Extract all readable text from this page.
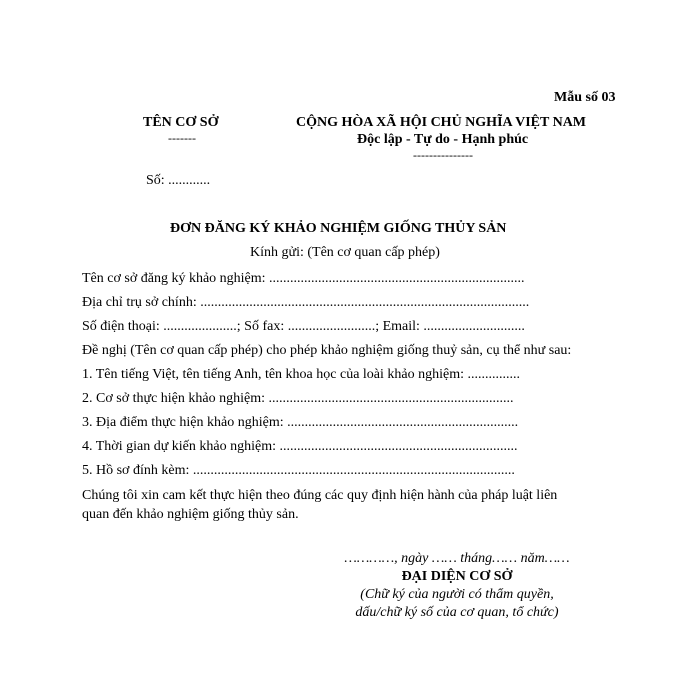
Mẫu số 03
TÊN CƠ SỞ
-------
CỘNG HÒA XÃ HỘI CHỦ NGHĨA VIỆT NAM
Độc lập - Tự do - Hạnh phúc
---------------
Số: ............
ĐƠN ĐĂNG KÝ KHẢO NGHIỆM GIỐNG THỦY SẢN
Kính gửi: (Tên cơ quan cấp phép)
Tên cơ sở đăng ký khảo nghiệm: .........................................................................
Địa chỉ trụ sở chính: ..............................................................................................
Số điện thoại: .....................; Số fax: .........................; Email: .............................
Đề nghị (Tên cơ quan cấp phép) cho phép khảo nghiệm giống thuỷ sản, cụ thể như sau:
1. Tên tiếng Việt, tên tiếng Anh, tên khoa học của loài khảo nghiệm: ...............
2. Cơ sở thực hiện khảo nghiệm: ......................................................................
3. Địa điểm thực hiện khảo nghiệm: ..................................................................
4. Thời gian dự kiến khảo nghiệm: ....................................................................
5. Hồ sơ đính kèm: ............................................................................................
Chúng tôi xin cam kết thực hiện theo đúng các quy định hiện hành của pháp luật liên quan đến khảo nghiệm giống thủy sản.
…………, ngày …… tháng…… năm……
ĐẠI DIỆN CƠ SỞ
(Chữ ký của người có thẩm quyền,
dấu/chữ ký số của cơ quan, tổ chức)
